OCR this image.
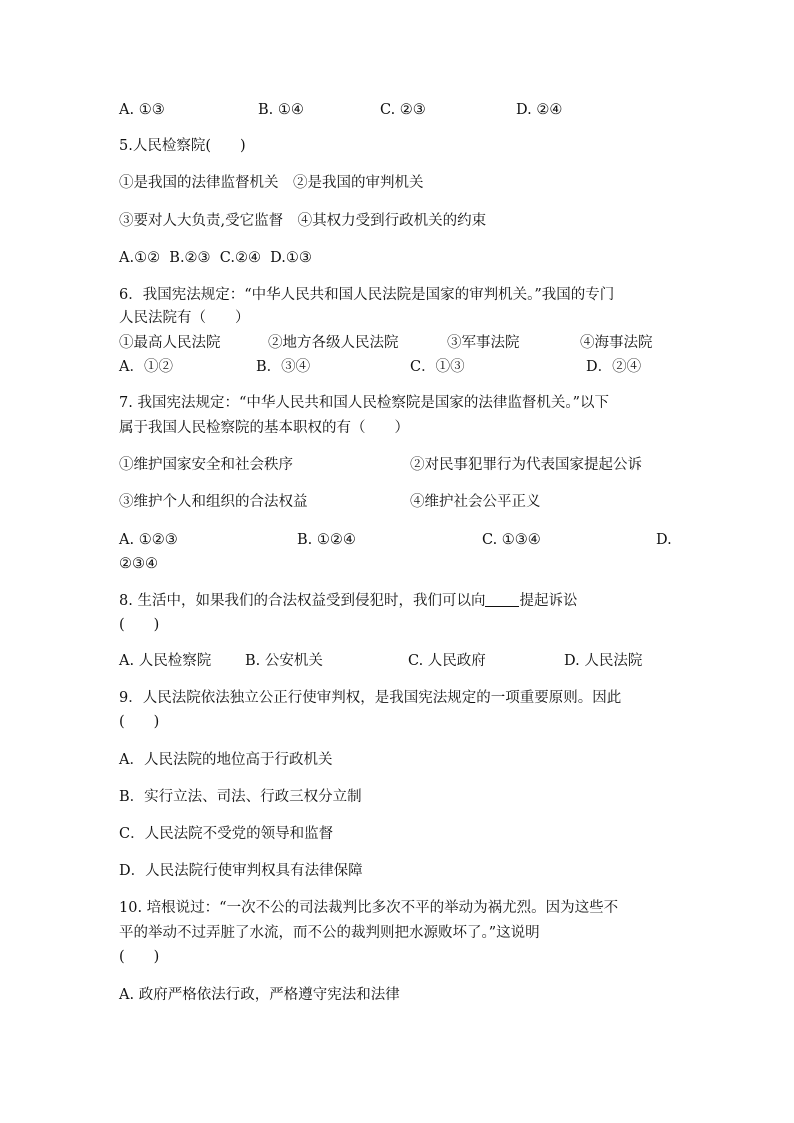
A. ①③	B. ①④	C. ②③	D. ②④
5.人民检察院(　　)
①是我国的法律监督机关　②是我国的审判机关
③要对人大负责,受它监督　④其权力受到行政机关的约束
A.①②  B.②③  C.②④  D.①③
6．我国宪法规定：“中华人民共和国人民法院是国家的审判机关。”我国的专门
人民法院有（　　）
①最高人民法院	②地方各级人民法院	③军事法院	④海事法院
A．①②	B．③④	C．①③	D．②④
7. 我国宪法规定：“中华人民共和国人民检察院是国家的法律监督机关。”以下
属于我国人民检察院的基本职权的有（　　）
①维护国家安全和社会秩序	②对民事犯罪行为代表国家提起公诉
③维护个人和组织的合法权益	④维护社会公平正义
A. ①②③	B. ①②④	C. ①③④	D.
②③④
8. 生活中，如果我们的合法权益受到侵犯时，我们可以向 提起诉讼
(　　)
A. 人民检察院 B. 公安机关	C. 人民政府	D. 人民法院
9．人民法院依法独立公正行使审判权，是我国宪法规定的一项重要原则。因此
(　　)
A．人民法院的地位高于行政机关
B．实行立法、司法、行政三权分立制
C．人民法院不受党的领导和监督
D．人民法院行使审判权具有法律保障
10. 培根说过：“一次不公的司法裁判比多次不平的举动为祸尤烈。因为这些不
平的举动不过弄脏了水流，而不公的裁判则把水源败坏了。”这说明
(　　)
A. 政府严格依法行政，严格遵守宪法和法律
